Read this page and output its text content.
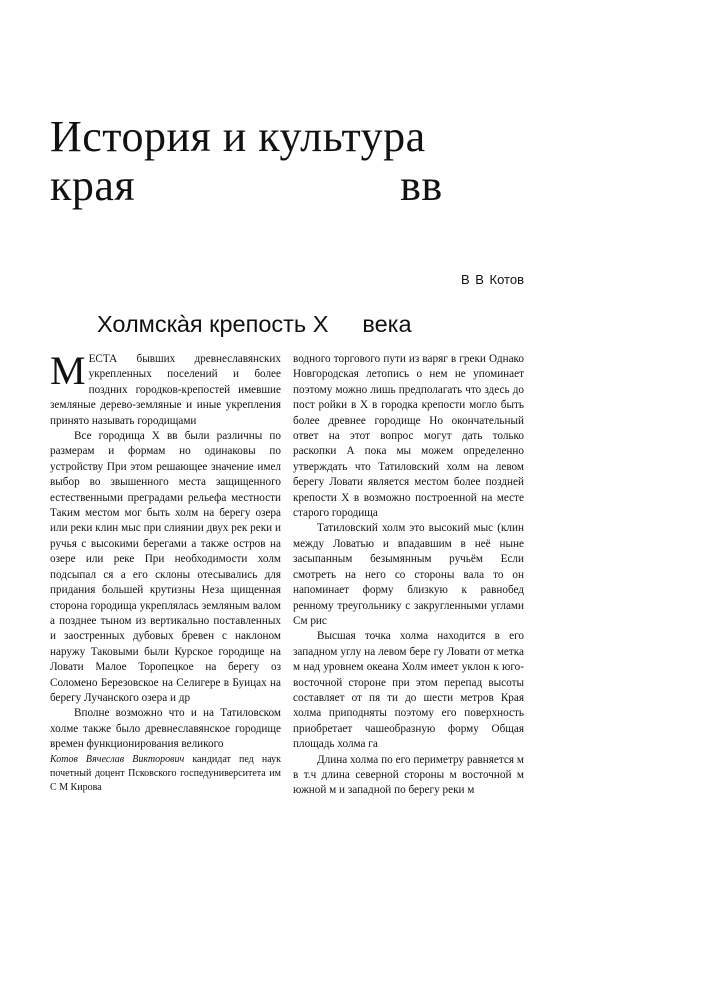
История и культура
края	вв
В В Котов
Холмскàя крепость Х века

МЕСТА бывших древнеславянских укрепленных поселений и более поздних городков-крепостей имевшие земляные дерево-земляные и иные укрепления принято называть городищами

Все городища Х вв были различны по размерам и формам но одинаковы по устройству При этом решающее значение имел выбор во звышенного места защищенного естественными преградами рельефа местности Таким местом мог быть холм на берегу озера или реки клин мыс при слиянии двух рек реки и ручья с высокими берегами а также остров на озере или реке При необходимости холм подсыпал ся а его склоны отесывались для придания большей крутизны Неза щищенная сторона городища укреплялась земляным валом а позднее тыном из вертикально поставленных и заостренных дубовых бревен с наклоном наружу Таковыми были Курское городище на Ловати Малое Торопецкое на берегу оз Соломено Березовское на Селигере в Буицах на берегу Лучанского озера и др

Вполне возможно что и на Татиловском холме также было древнеславянское городище времен функционирования великого

Котов Вячеслав Викторович кандидат пед наук почетный доцент Псковского госпедуниверситета им С М Кирова

водного торгового пути из варяг в греки Однако Новгородская летопись о нем не упоминает поэтому можно лишь предполагать что здесь до пост ройки в Х в городка крепости могло быть более древнее городище Но окончательный ответ на этот вопрос могут дать только раскопки А пока мы можем определенно утверждать что Татиловский холм на левом берегу Ловати является местом более поздней крепости Х в возможно построенной на месте старого городища

Татиловский холм это высокий мыс (клин между Ловатью и впадавшим в неё ныне засыпанным безымянным ручьём Если смотреть на него со стороны вала то он напоминает форму близкую к равнобед ренному треугольнику с закругленными углами См рис

Высшая точка холма находится в его западном углу на левом бере гу Ловати от метка м над уровнем океана Холм имеет уклон к юго-восточной стороне при этом перепад высоты составляет от пя ти до шести метров Края холма приподняты поэтому его поверхность приобретает чашеобразную форму Общая площадь холма га

Длина холма по его периметру равняется м в т.ч длина северной стороны м восточной м южной м и западной по берегу реки м
